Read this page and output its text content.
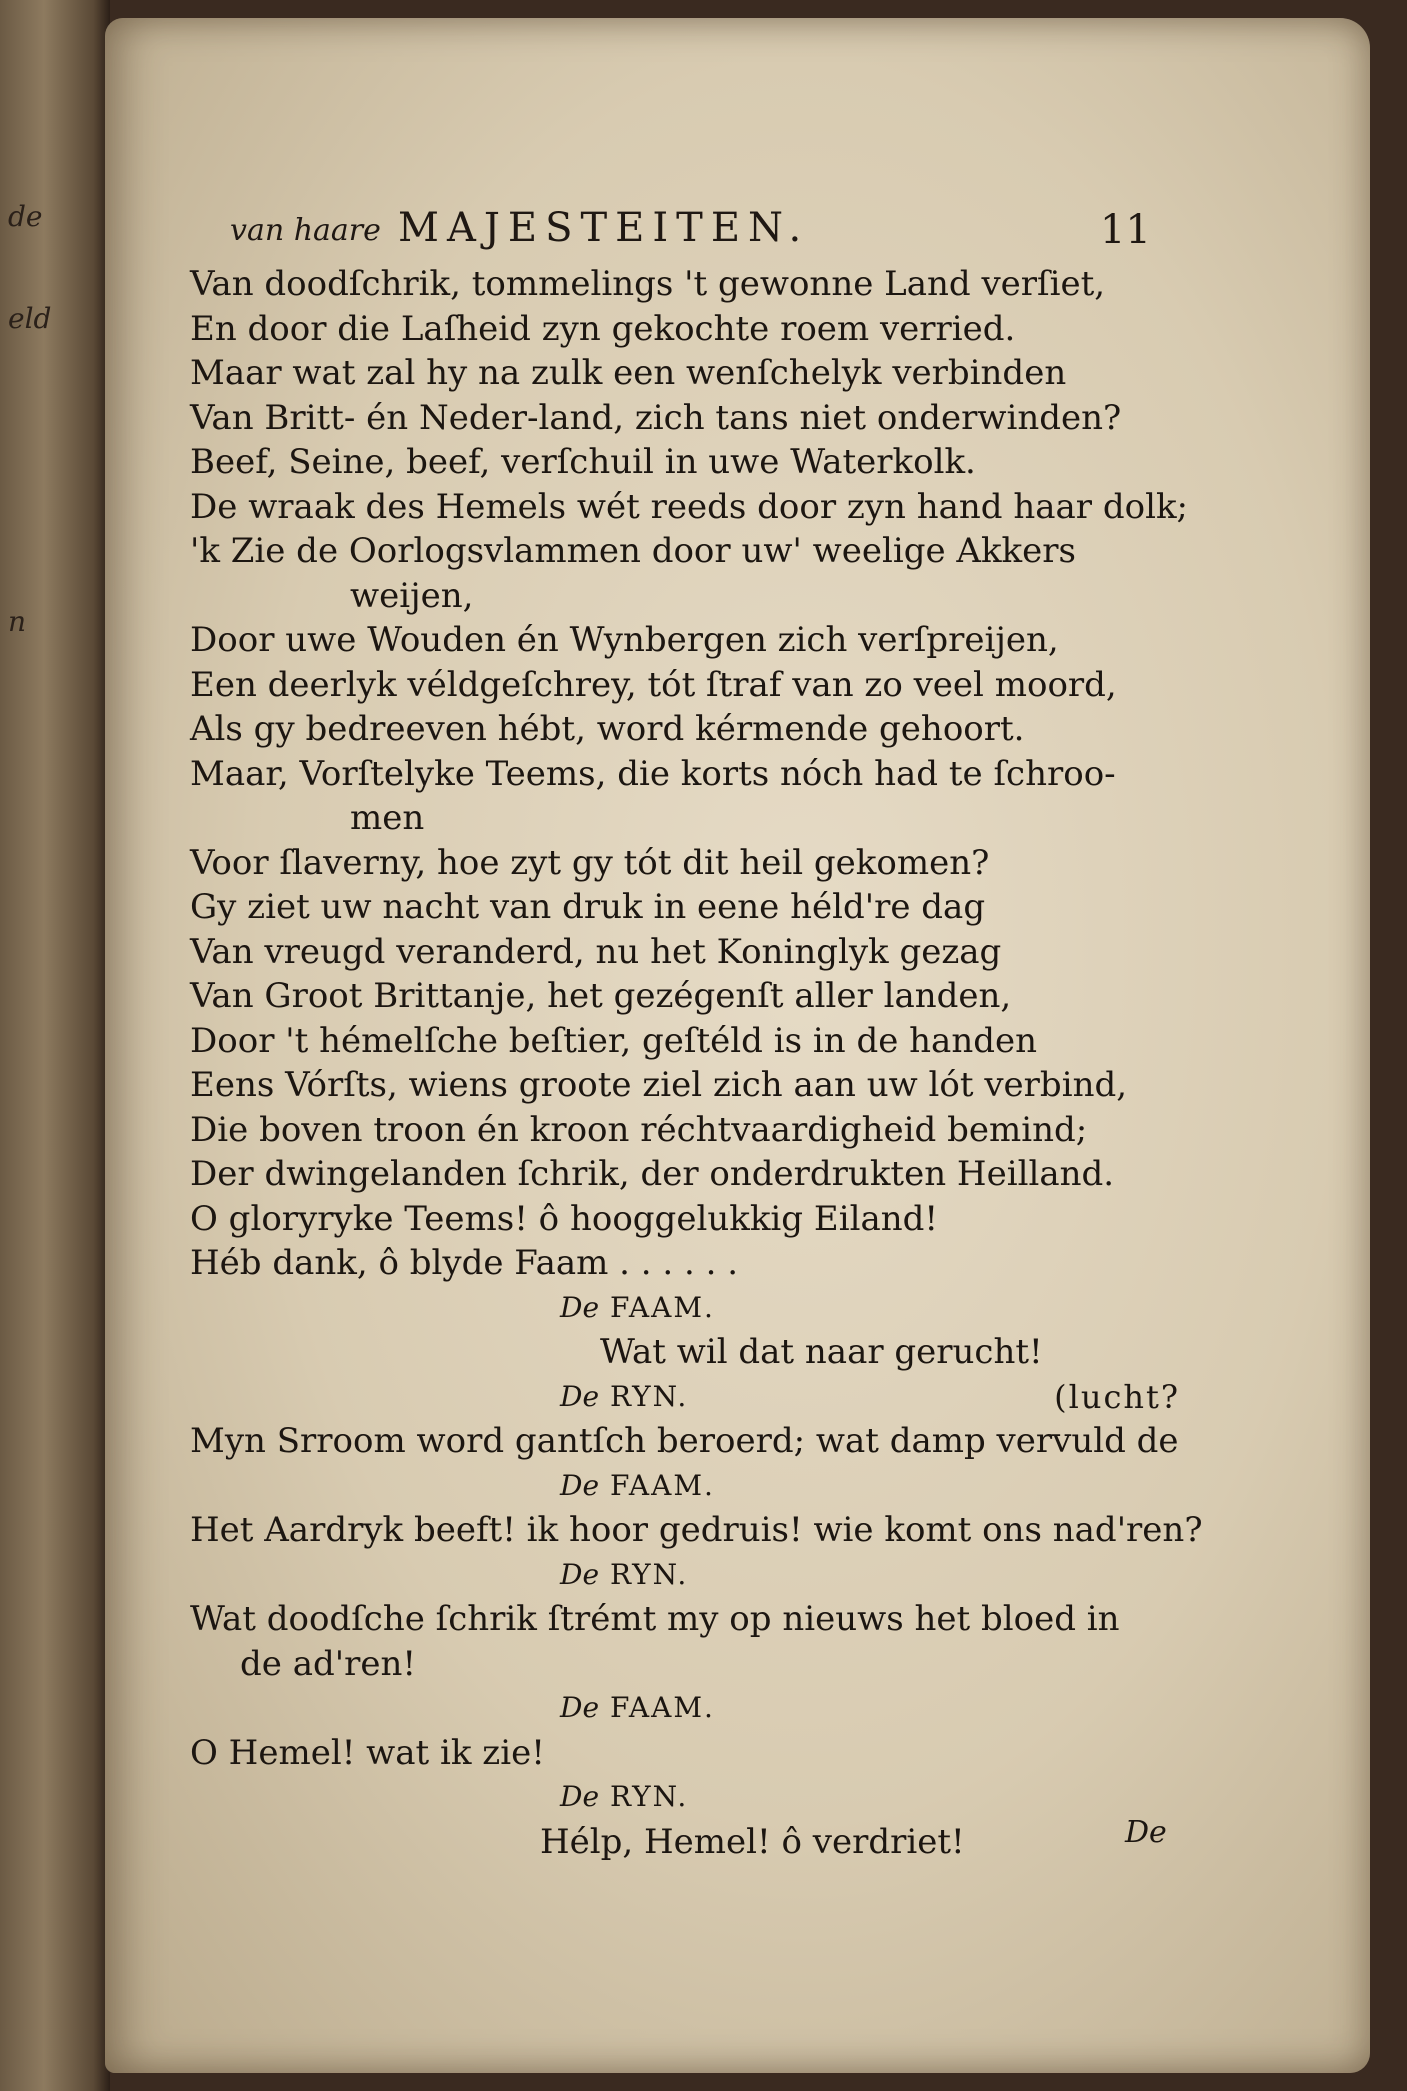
de
eld
n
van haare MAJESTEITEN.	11
Van doodſchrik, tommelings 't gewonne Land verſiet,
En door die Laſheid zyn gekochte roem verried.
Maar wat zal hy na zulk een wenſchelyk verbinden
Van Britt- én Neder-land, zich tans niet onderwinden?
Beef, Seine, beef, verſchuil in uwe Waterkolk.
De wraak des Hemels wét reeds door zyn hand haar dolk;
'k Zie de Oorlogsvlammen door uw' weelige Akkers
weijen,
Door uwe Wouden én Wynbergen zich verſpreijen,
Een deerlyk véldgeſchrey, tót ſtraf van zo veel moord,
Als gy bedreeven hébt, word kérmende gehoort.
Maar, Vorſtelyke Teems, die korts nóch had te ſchroo-
men
Voor ſlaverny, hoe zyt gy tót dit heil gekomen?
Gy ziet uw nacht van druk in eene héld're dag
Van vreugd veranderd, nu het Koninglyk gezag
Van Groot Brittanje, het gezégenſt aller landen,
Door 't hémelſche beſtier, geſtéld is in de handen
Eens Vórſts, wiens groote ziel zich aan uw lót verbind,
Die boven troon én kroon réchtvaardigheid bemind;
Der dwingelanden ſchrik, der onderdrukten Heilland.
O gloryryke Teems! ô hooggelukkig Eiland!
Héb dank, ô blyde Faam . . . . . .
De FAAM.
Wat wil dat naar gerucht!
De RYN.	(lucht?
Myn Srroom word gantſch beroerd; wat damp vervuld de
De FAAM.
Het Aardryk beeft! ik hoor gedruis! wie komt ons nad'ren?
De RYN.
Wat doodſche ſchrik ſtrémt my op nieuws het bloed in
de ad'ren!
De FAAM.
O Hemel! wat ik zie!
De RYN.
Hélp, Hemel! ô verdriet!	De
